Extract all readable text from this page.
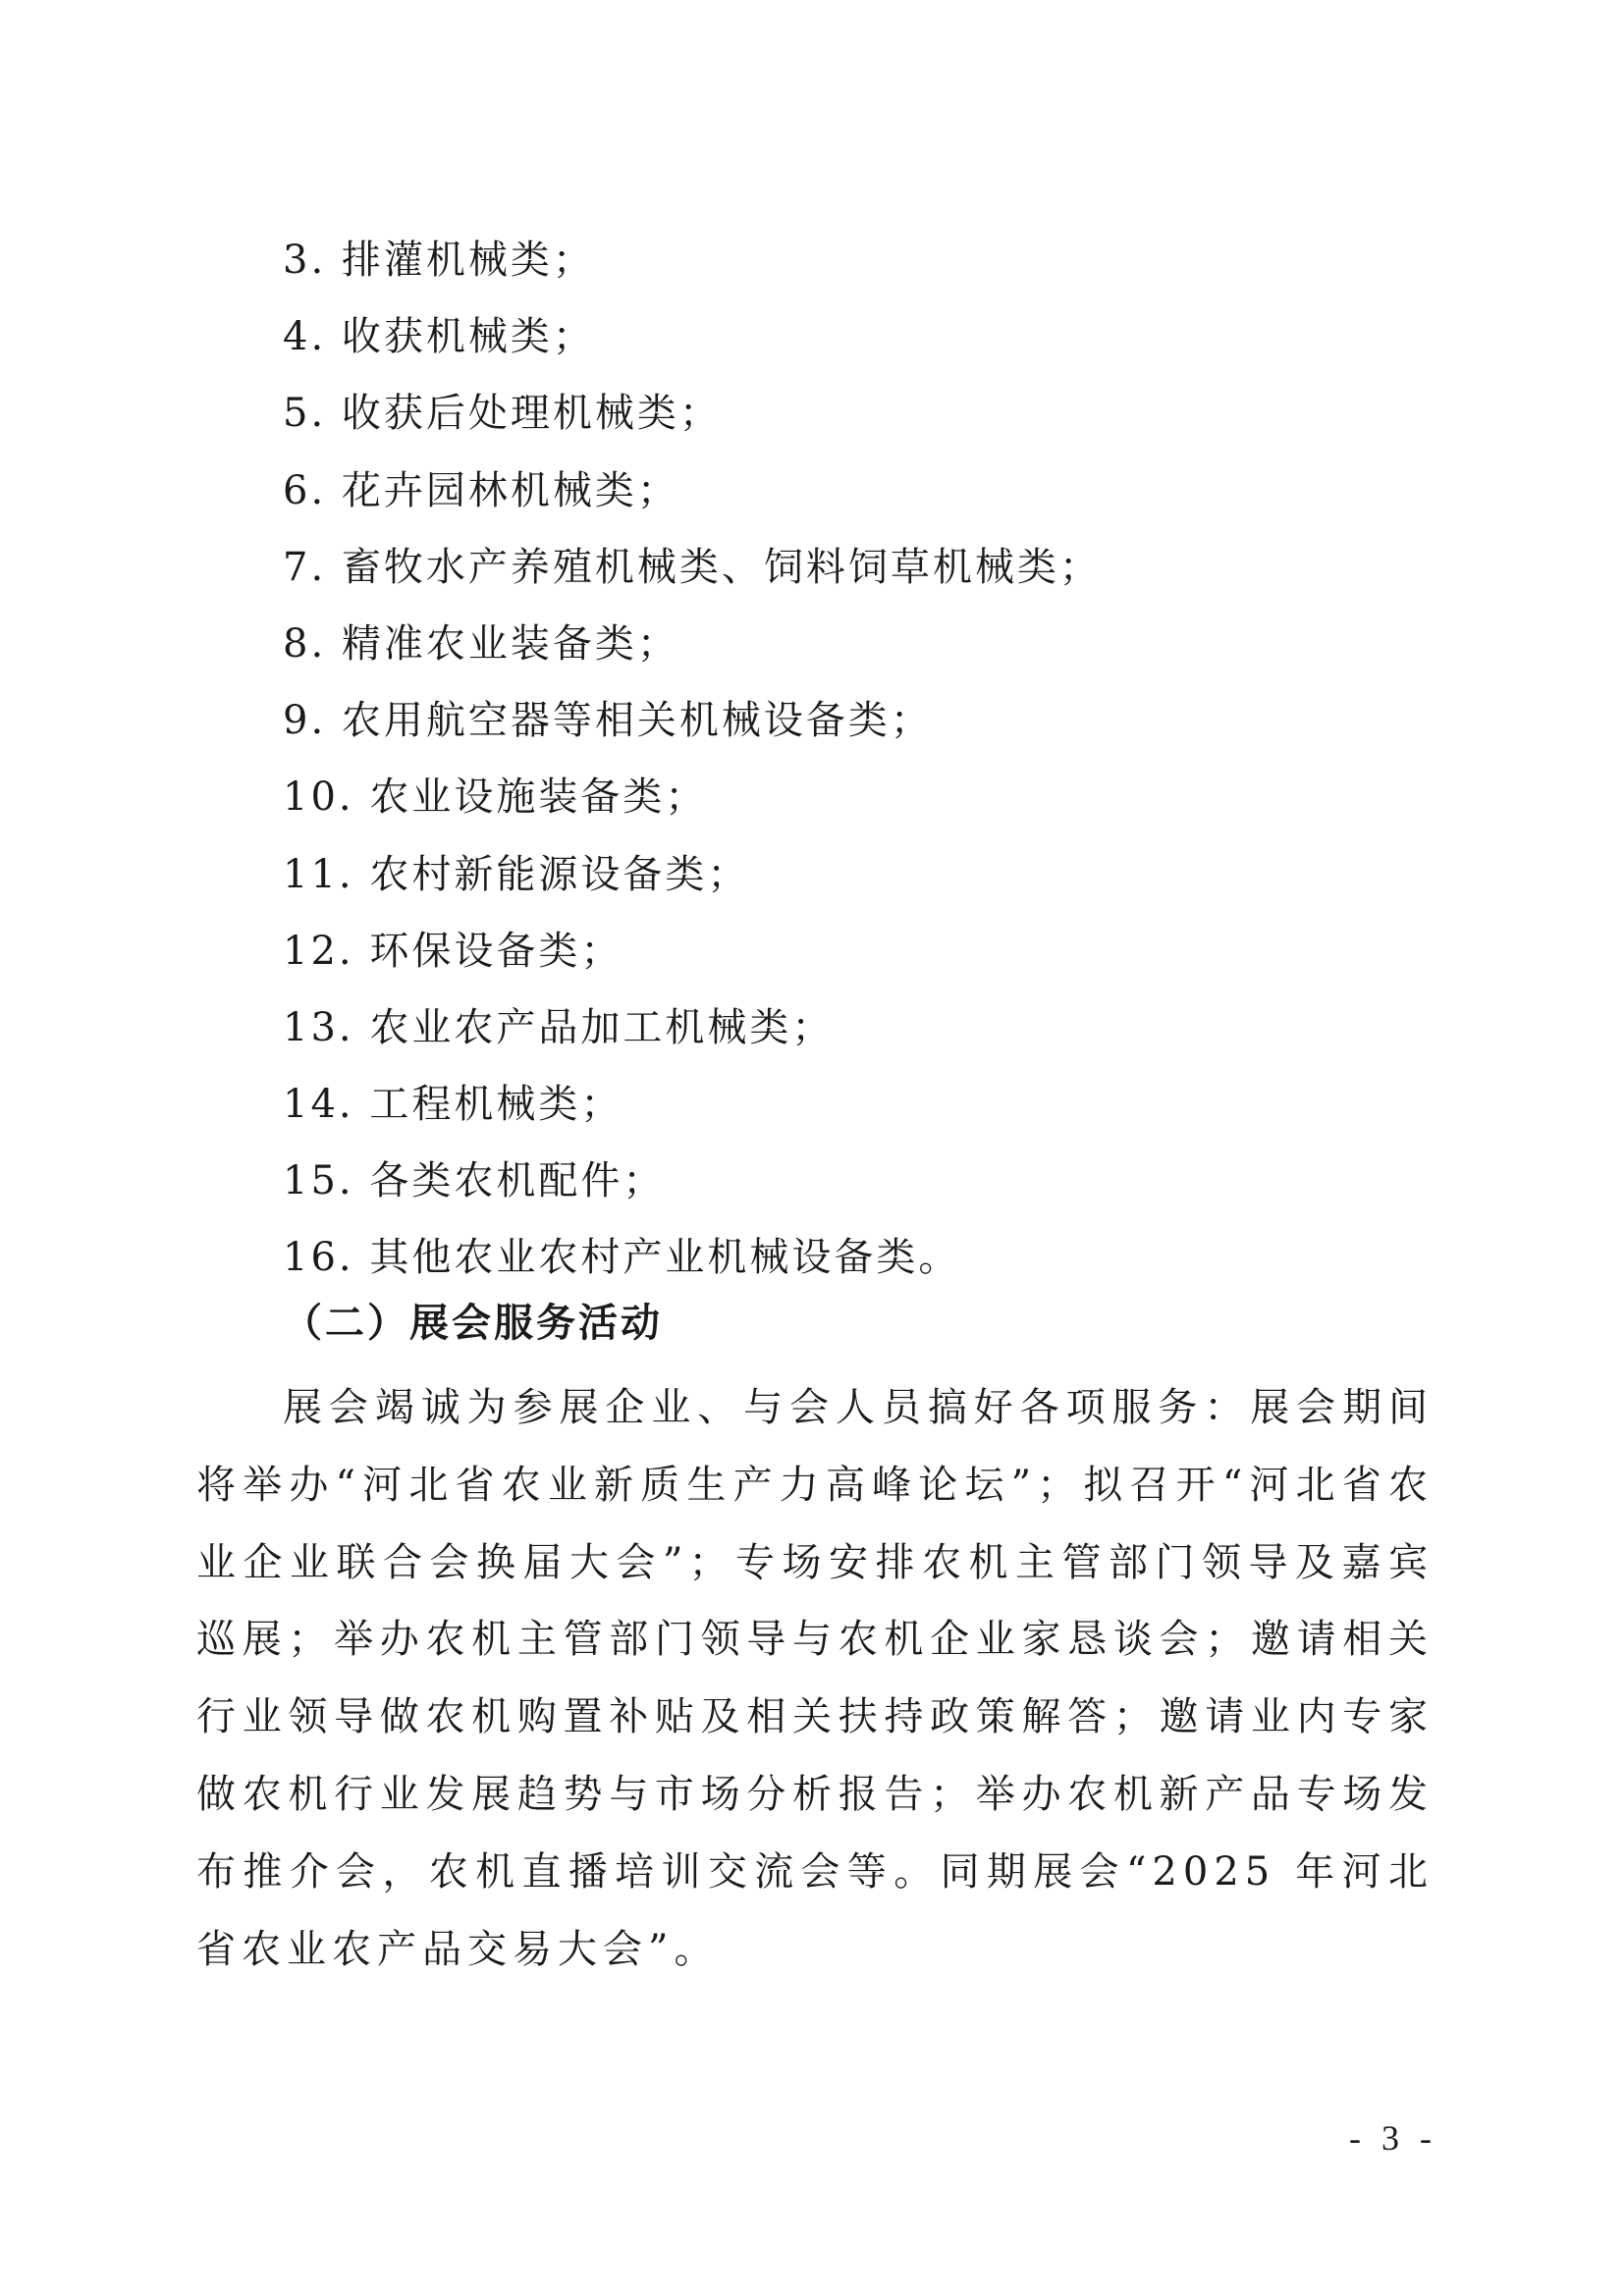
3. 排灌机械类；
4. 收获机械类；
5. 收获后处理机械类；
6. 花卉园林机械类；
7. 畜牧水产养殖机械类、饲料饲草机械类；
8. 精准农业装备类；
9. 农用航空器等相关机械设备类；
10. 农业设施装备类；
11. 农村新能源设备类；
12. 环保设备类；
13. 农业农产品加工机械类；
14. 工程机械类；
15. 各类农机配件；
16. 其他农业农村产业机械设备类。
（二）展会服务活动

展会竭诚为参展企业、与会人员搞好各项服务：展会期间将举办“河北省农业新质生产力高峰论坛”；拟召开“河北省农业企业联合会换届大会”；专场安排农机主管部门领导及嘉宾巡展；举办农机主管部门领导与农机企业家恳谈会；邀请相关行业领导做农机购置补贴及相关扶持政策解答；邀请业内专家做农机行业发展趋势与市场分析报告；举办农机新产品专场发布推介会，农机直播培训交流会等。同期展会“2025 年河北省农业农产品交易大会”。

- 3 -
